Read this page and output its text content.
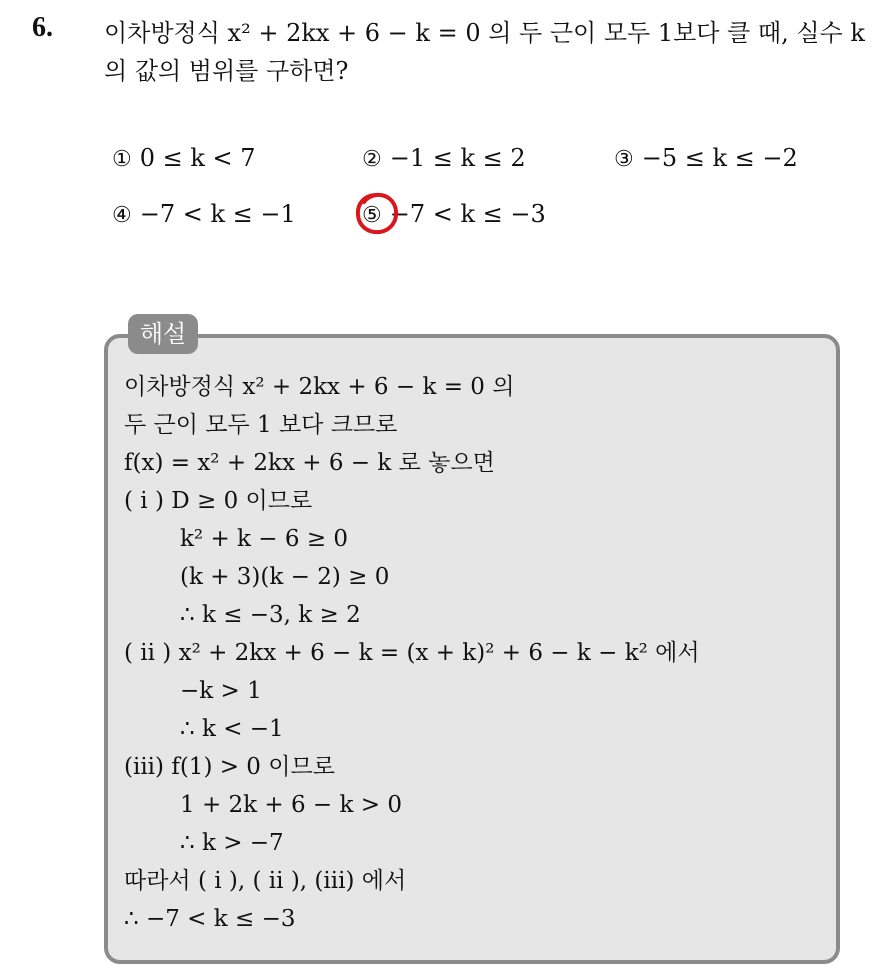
6. 이차방정식 x² + 2kx + 6 − k = 0 의 두 근이 모두 1보다 클 때, 실수 k
의 값의 범위를 구하면?
① 0 ≤ k < 7	② −1 ≤ k ≤ 2	③ −5 ≤ k ≤ −2
④ −7 < k ≤ −1	⑤ −7 < k ≤ −3
해설
이차방정식 x² + 2kx + 6 − k = 0 의
두 근이 모두 1 보다 크므로
f(x) = x² + 2kx + 6 − k 로 놓으면
( i ) D ≥ 0 이므로
k² + k − 6 ≥ 0
(k + 3)(k − 2) ≥ 0
∴ k ≤ −3, k ≥ 2
( ii ) x² + 2kx + 6 − k = (x + k)² + 6 − k − k² 에서
−k > 1
∴ k < −1
(iii) f(1) > 0 이므로
1 + 2k + 6 − k > 0
∴ k > −7
따라서 ( i ), ( ii ), (iii) 에서
∴ −7 < k ≤ −3
